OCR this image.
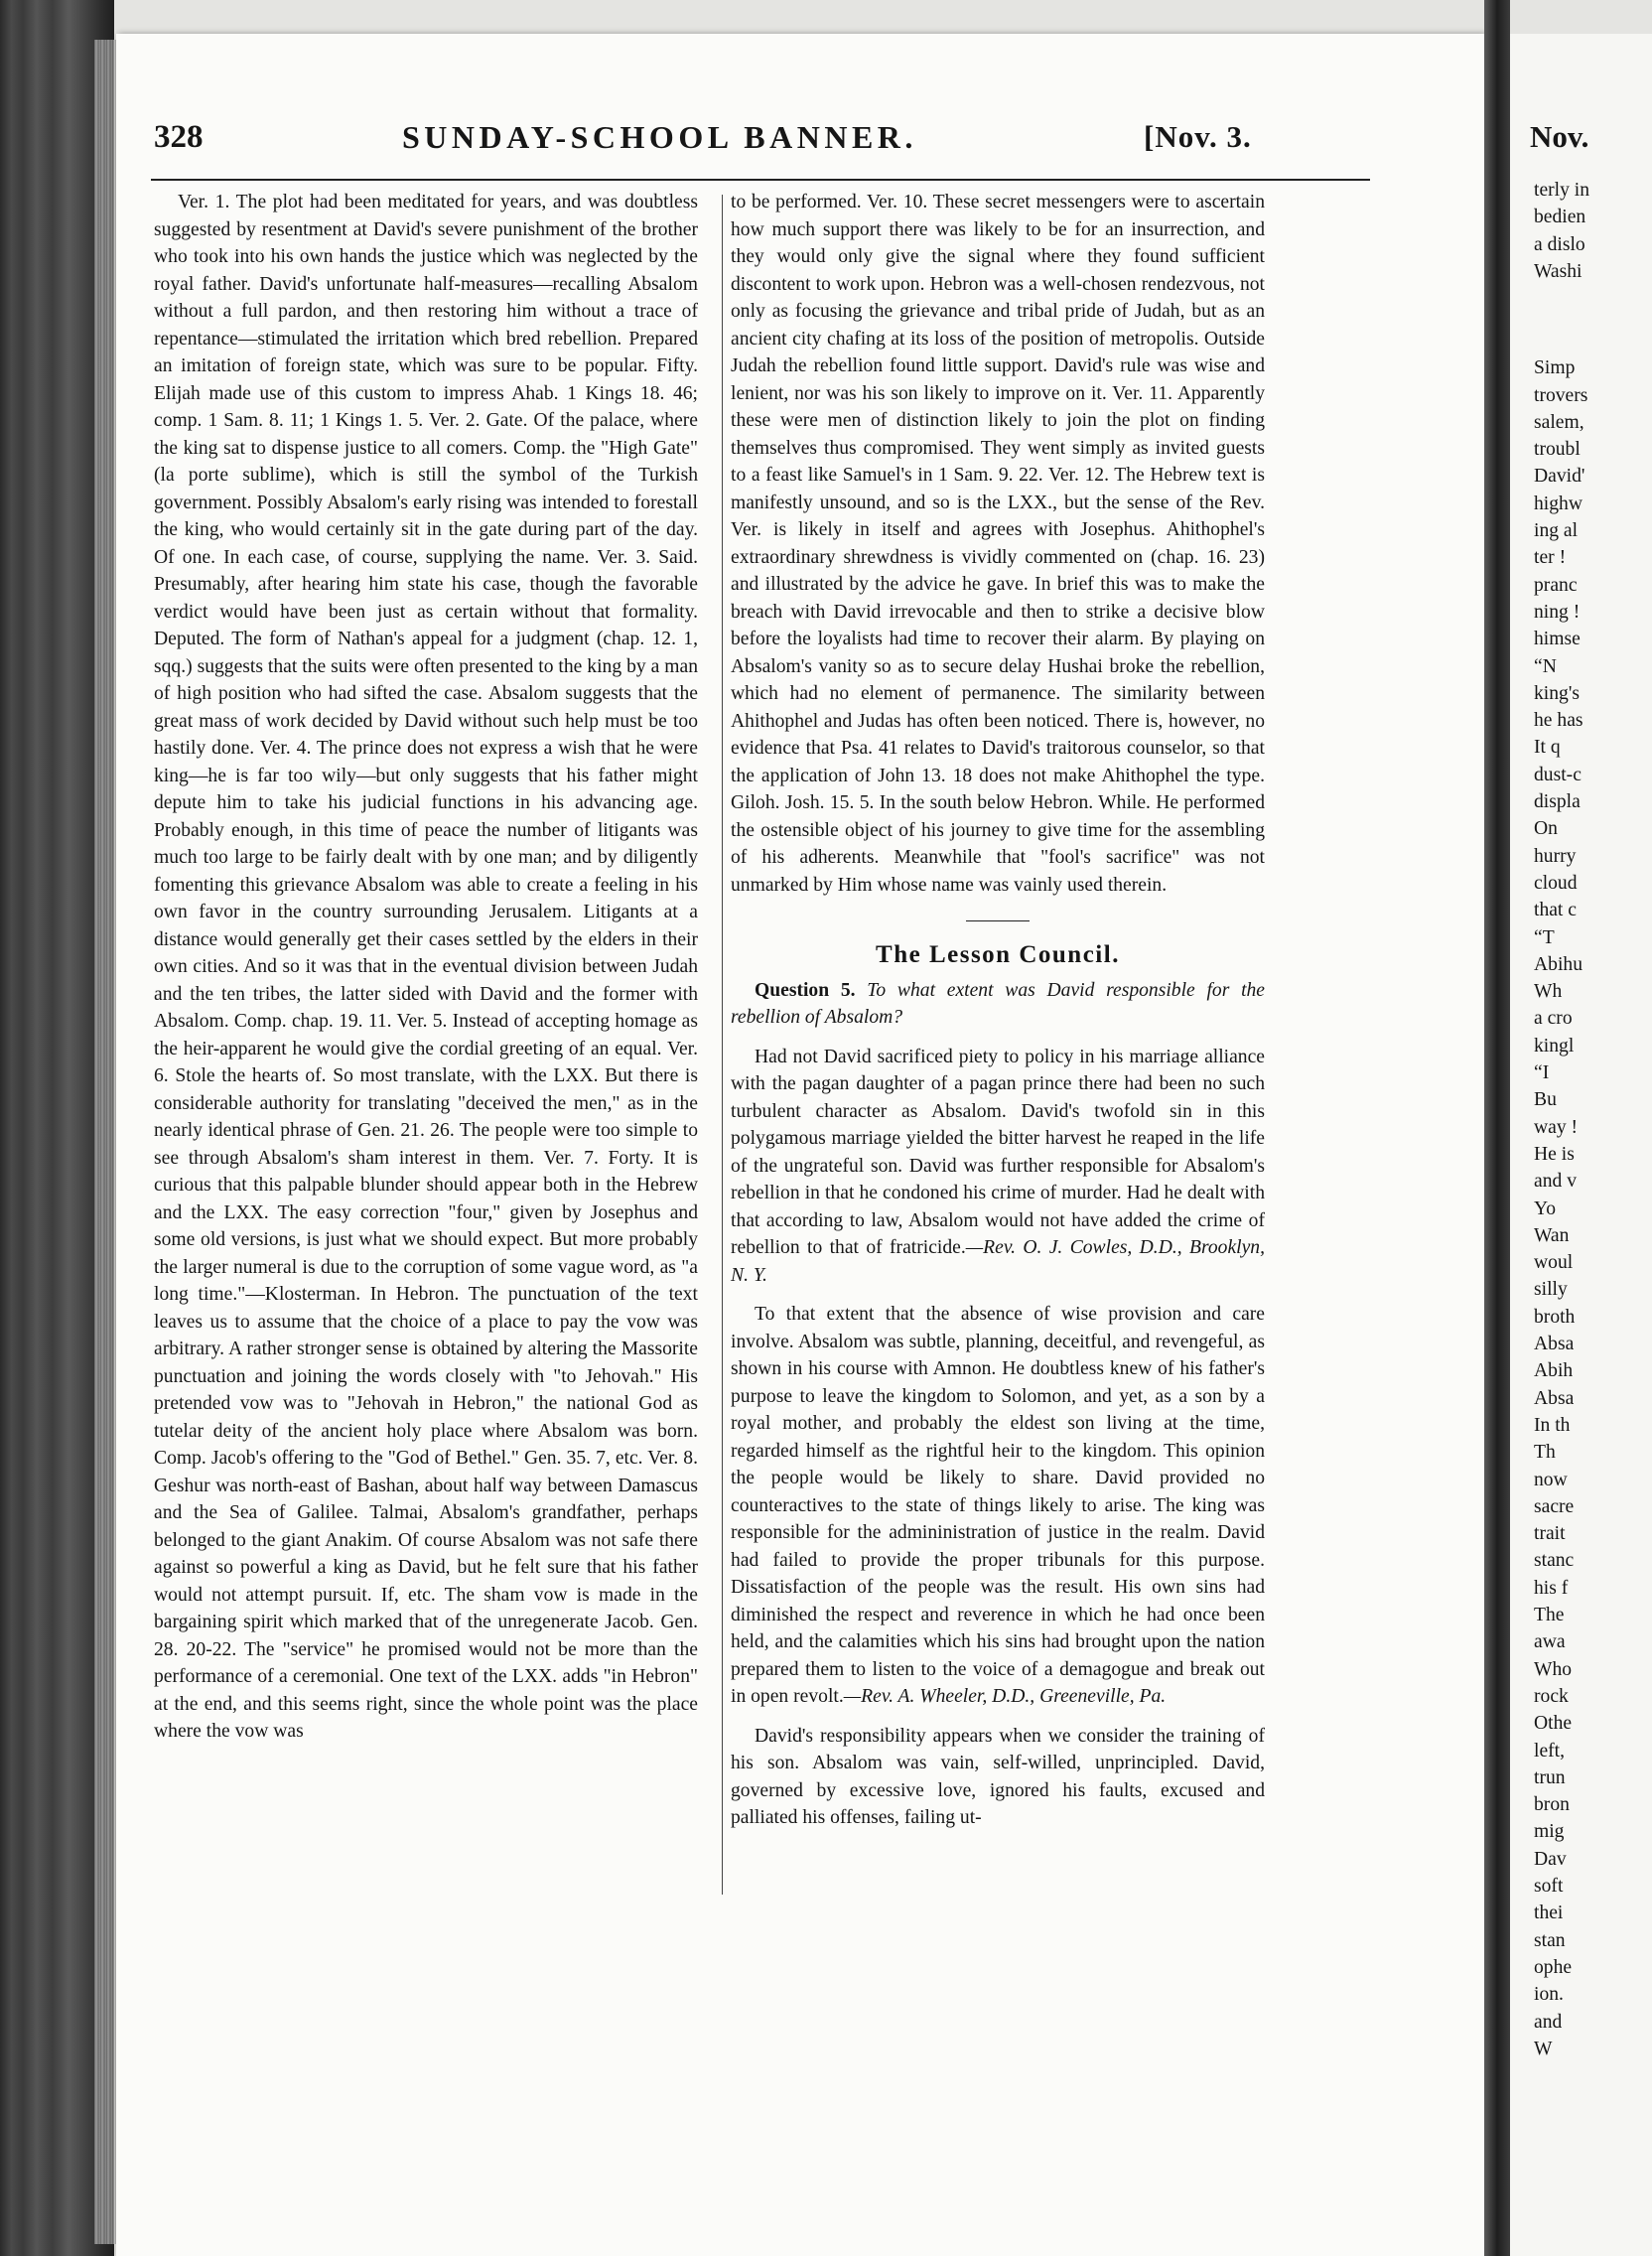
328	SUNDAY-SCHOOL BANNER.	[Nov. 3.

Ver. 1. The plot had been meditated for years, and was doubtless suggested by resentment at David's severe punishment of the brother who took into his own hands the justice which was neglected by the royal father. David's unfortunate half-measures—recalling Absalom without a full pardon, and then restoring him without a trace of repentance—stimulated the irritation which bred rebellion. Prepared an imitation of foreign state, which was sure to be popular. Fifty. Elijah made use of this custom to impress Ahab. 1 Kings 18. 46; comp. 1 Sam. 8. 11; 1 Kings 1. 5. Ver. 2. Gate. Of the palace, where the king sat to dispense justice to all comers. Comp. the "High Gate" (la porte sublime), which is still the symbol of the Turkish government. Possibly Absalom's early rising was intended to forestall the king, who would certainly sit in the gate during part of the day. Of one. In each case, of course, supplying the name. Ver. 3. Said. Presumably, after hearing him state his case, though the favorable verdict would have been just as certain without that formality. Deputed. The form of Nathan's appeal for a judgment (chap. 12. 1, sqq.) suggests that the suits were often presented to the king by a man of high position who had sifted the case. Absalom suggests that the great mass of work decided by David without such help must be too hastily done. Ver. 4. The prince does not express a wish that he were king—he is far too wily—but only suggests that his father might depute him to take his judicial functions in his advancing age. Probably enough, in this time of peace the number of litigants was much too large to be fairly dealt with by one man; and by diligently fomenting this grievance Absalom was able to create a feeling in his own favor in the country surrounding Jerusalem. Litigants at a distance would generally get their cases settled by the elders in their own cities. And so it was that in the eventual division between Judah and the ten tribes, the latter sided with David and the former with Absalom. Comp. chap. 19. 11. Ver. 5. Instead of accepting homage as the heir-apparent he would give the cordial greeting of an equal. Ver. 6. Stole the hearts of. So most translate, with the LXX. But there is considerable authority for translating "deceived the men," as in the nearly identical phrase of Gen. 21. 26. The people were too simple to see through Absalom's sham interest in them. Ver. 7. Forty. It is curious that this palpable blunder should appear both in the Hebrew and the LXX. The easy correction "four," given by Josephus and some old versions, is just what we should expect. But more probably the larger numeral is due to the corruption of some vague word, as "a long time."—Klosterman. In Hebron. The punctuation of the text leaves us to assume that the choice of a place to pay the vow was arbitrary. A rather stronger sense is obtained by altering the Massorite punctuation and joining the words closely with "to Jehovah." His pretended vow was to "Jehovah in Hebron," the national God as tutelar deity of the ancient holy place where Absalom was born. Comp. Jacob's offering to the "God of Bethel." Gen. 35. 7, etc. Ver. 8. Geshur was north-east of Bashan, about half way between Damascus and the Sea of Galilee. Talmai, Absalom's grandfather, perhaps belonged to the giant Anakim. Of course Absalom was not safe there against so powerful a king as David, but he felt sure that his father would not attempt pursuit. If, etc. The sham vow is made in the bargaining spirit which marked that of the unregenerate Jacob. Gen. 28. 20-22. The "service" he promised would not be more than the performance of a ceremonial. One text of the LXX. adds "in Hebron" at the end, and this seems right, since the whole point was the place where the vow was

to be performed. Ver. 10. These secret messengers were to ascertain how much support there was likely to be for an insurrection, and they would only give the signal where they found sufficient discontent to work upon. Hebron was a well-chosen rendezvous, not only as focusing the grievance and tribal pride of Judah, but as an ancient city chafing at its loss of the position of metropolis. Outside Judah the rebellion found little support. David's rule was wise and lenient, nor was his son likely to improve on it. Ver. 11. Apparently these were men of distinction likely to join the plot on finding themselves thus compromised. They went simply as invited guests to a feast like Samuel's in 1 Sam. 9. 22. Ver. 12. The Hebrew text is manifestly unsound, and so is the LXX., but the sense of the Rev. Ver. is likely in itself and agrees with Josephus. Ahithophel's extraordinary shrewdness is vividly commented on (chap. 16. 23) and illustrated by the advice he gave. In brief this was to make the breach with David irrevocable and then to strike a decisive blow before the loyalists had time to recover their alarm. By playing on Absalom's vanity so as to secure delay Hushai broke the rebellion, which had no element of permanence. The similarity between Ahithophel and Judas has often been noticed. There is, however, no evidence that Psa. 41 relates to David's traitorous counselor, so that the application of John 13. 18 does not make Ahithophel the type. Giloh. Josh. 15. 5. In the south below Hebron. While. He performed the ostensible object of his journey to give time for the assembling of his adherents. Meanwhile that "fool's sacrifice" was not unmarked by Him whose name was vainly used therein.

The Lesson Council.

Question 5. To what extent was David responsible for the rebellion of Absalom?

Had not David sacrificed piety to policy in his marriage alliance with the pagan daughter of a pagan prince there had been no such turbulent character as Absalom. David's twofold sin in this polygamous marriage yielded the bitter harvest he reaped in the life of the ungrateful son. David was further responsible for Absalom's rebellion in that he condoned his crime of murder. Had he dealt with that according to law, Absalom would not have added the crime of rebellion to that of fratricide.—Rev. O. J. Cowles, D.D., Brooklyn, N. Y.

To that extent that the absence of wise provision and care involve. Absalom was subtle, planning, deceitful, and revengeful, as shown in his course with Amnon. He doubtless knew of his father's purpose to leave the kingdom to Solomon, and yet, as a son by a royal mother, and probably the eldest son living at the time, regarded himself as the rightful heir to the kingdom. This opinion the people would be likely to share. David provided no counteractives to the state of things likely to arise. The king was responsible for the admininistration of justice in the realm. David had failed to provide the proper tribunals for this purpose. Dissatisfaction of the people was the result. His own sins had diminished the respect and reverence in which he had once been held, and the calamities which his sins had brought upon the nation prepared them to listen to the voice of a demagogue and break out in open revolt.—Rev. A. Wheeler, D.D., Greeneville, Pa.

David's responsibility appears when we consider the training of his son. Absalom was vain, self-willed, unprincipled. David, governed by excessive love, ignored his faults, excused and palliated his offenses, failing ut-

Nov.
terly in
bedien
a dislo
Washi
Simp
trovers
salem,
troubl
David'
highw
ing al
ter !
pranc
ning !
himse
“N
king's
he has
It q
dust-c
displa
On
hurry
cloud
that c
“T
Abihu
Wh
a cro
kingl
“I
Bu
way !
He is
and v
Yo
Wan
woul
silly
broth
Absa
Abih
Absa
In th
Th
now
sacre
trait
stanc
his f
The
awa
Who
rock
Othe
left,
trun
bron
mig
Dav
soft
thei
stan
ophe
ion.
and
W
